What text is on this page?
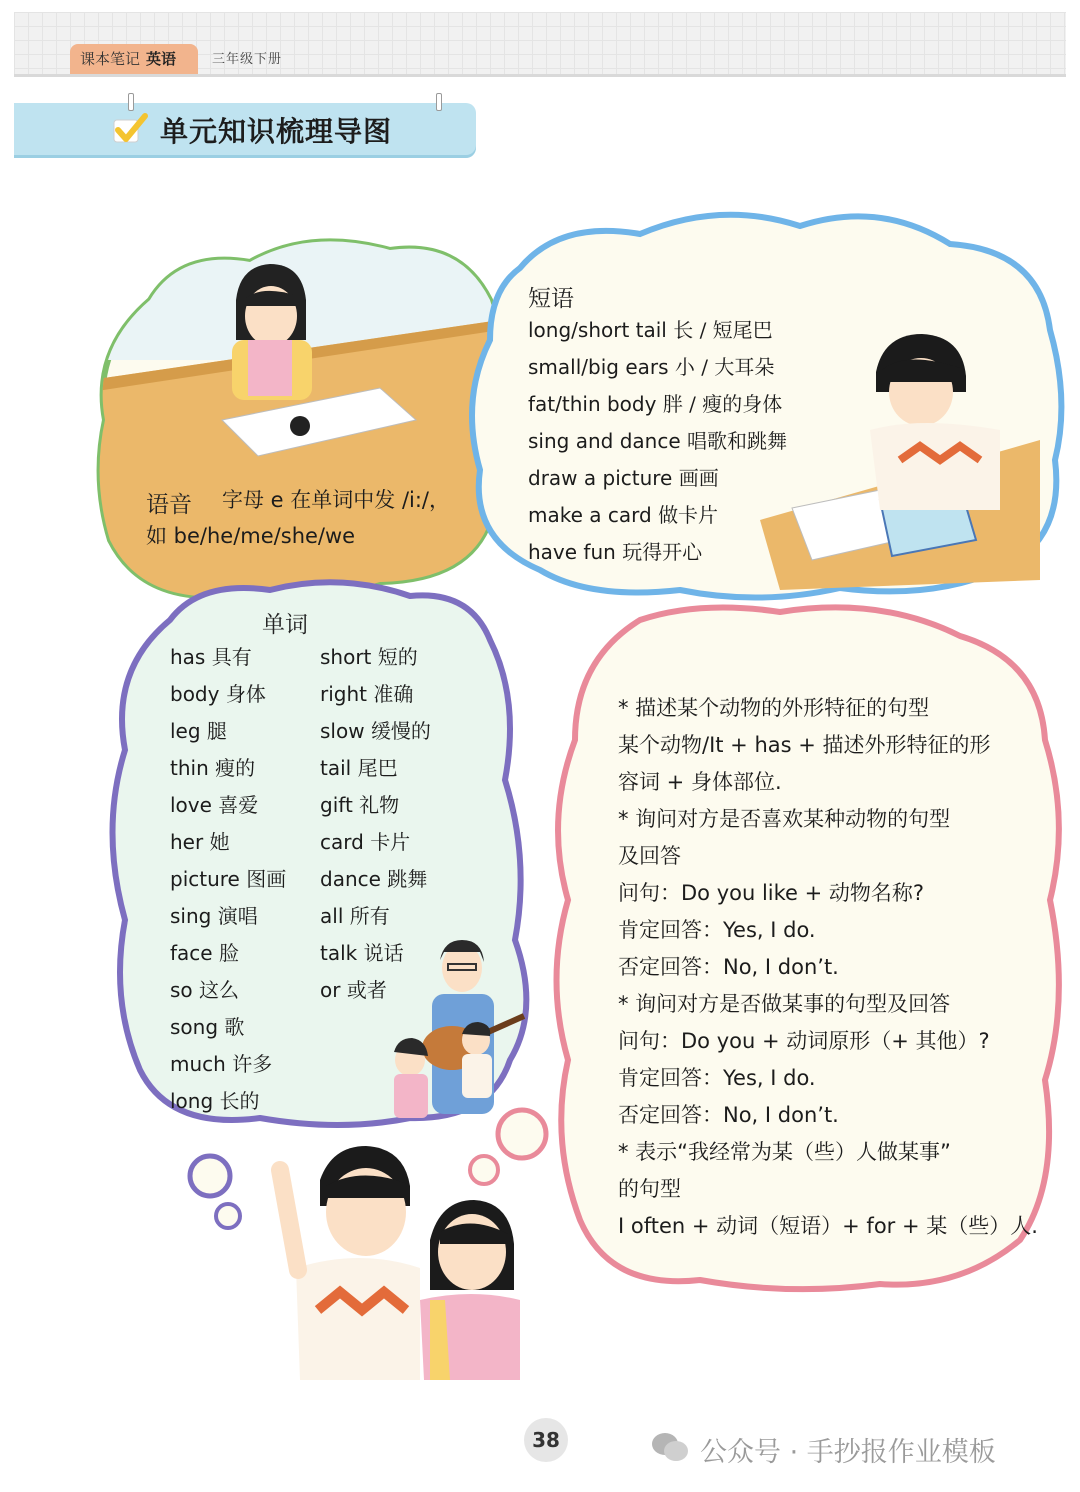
课本笔记 英语	三年级下册
单元知识梳理导图
语音 字母 e 在单词中发 /i:/，
如 be/he/me/she/we
短语
long/short tail 长 / 短尾巴
small/big ears 小 / 大耳朵
fat/thin body 胖 / 瘦的身体
sing and dance 唱歌和跳舞
draw a picture 画画
make a card 做卡片
have fun 玩得开心
单词
has 具有
body 身体
leg 腿
thin 瘦的
love 喜爱
her 她
picture 图画
sing 演唱
face 脸
so 这么
song 歌
much 许多
long 长的
short 短的
right 准确
slow 缓慢的
tail 尾巴
gift 礼物
card 卡片
dance 跳舞
all 所有
talk 说话
or 或者
* 描述某个动物的外形特征的句型
某个动物/It + has + 描述外形特征的形
容词 + 身体部位.
* 询问对方是否喜欢某种动物的句型
及回答
问句：Do you like + 动物名称?
肯定回答：Yes, I do.
否定回答：No, I don’t.
* 询问对方是否做某事的句型及回答
问句：Do you + 动词原形（+ 其他）?
肯定回答：Yes, I do.
否定回答：No, I don’t.
* 表示“我经常为某（些）人做某事”
的句型
I often + 动词（短语）+ for + 某（些）人.
38	公众号 · 手抄报作业模板
